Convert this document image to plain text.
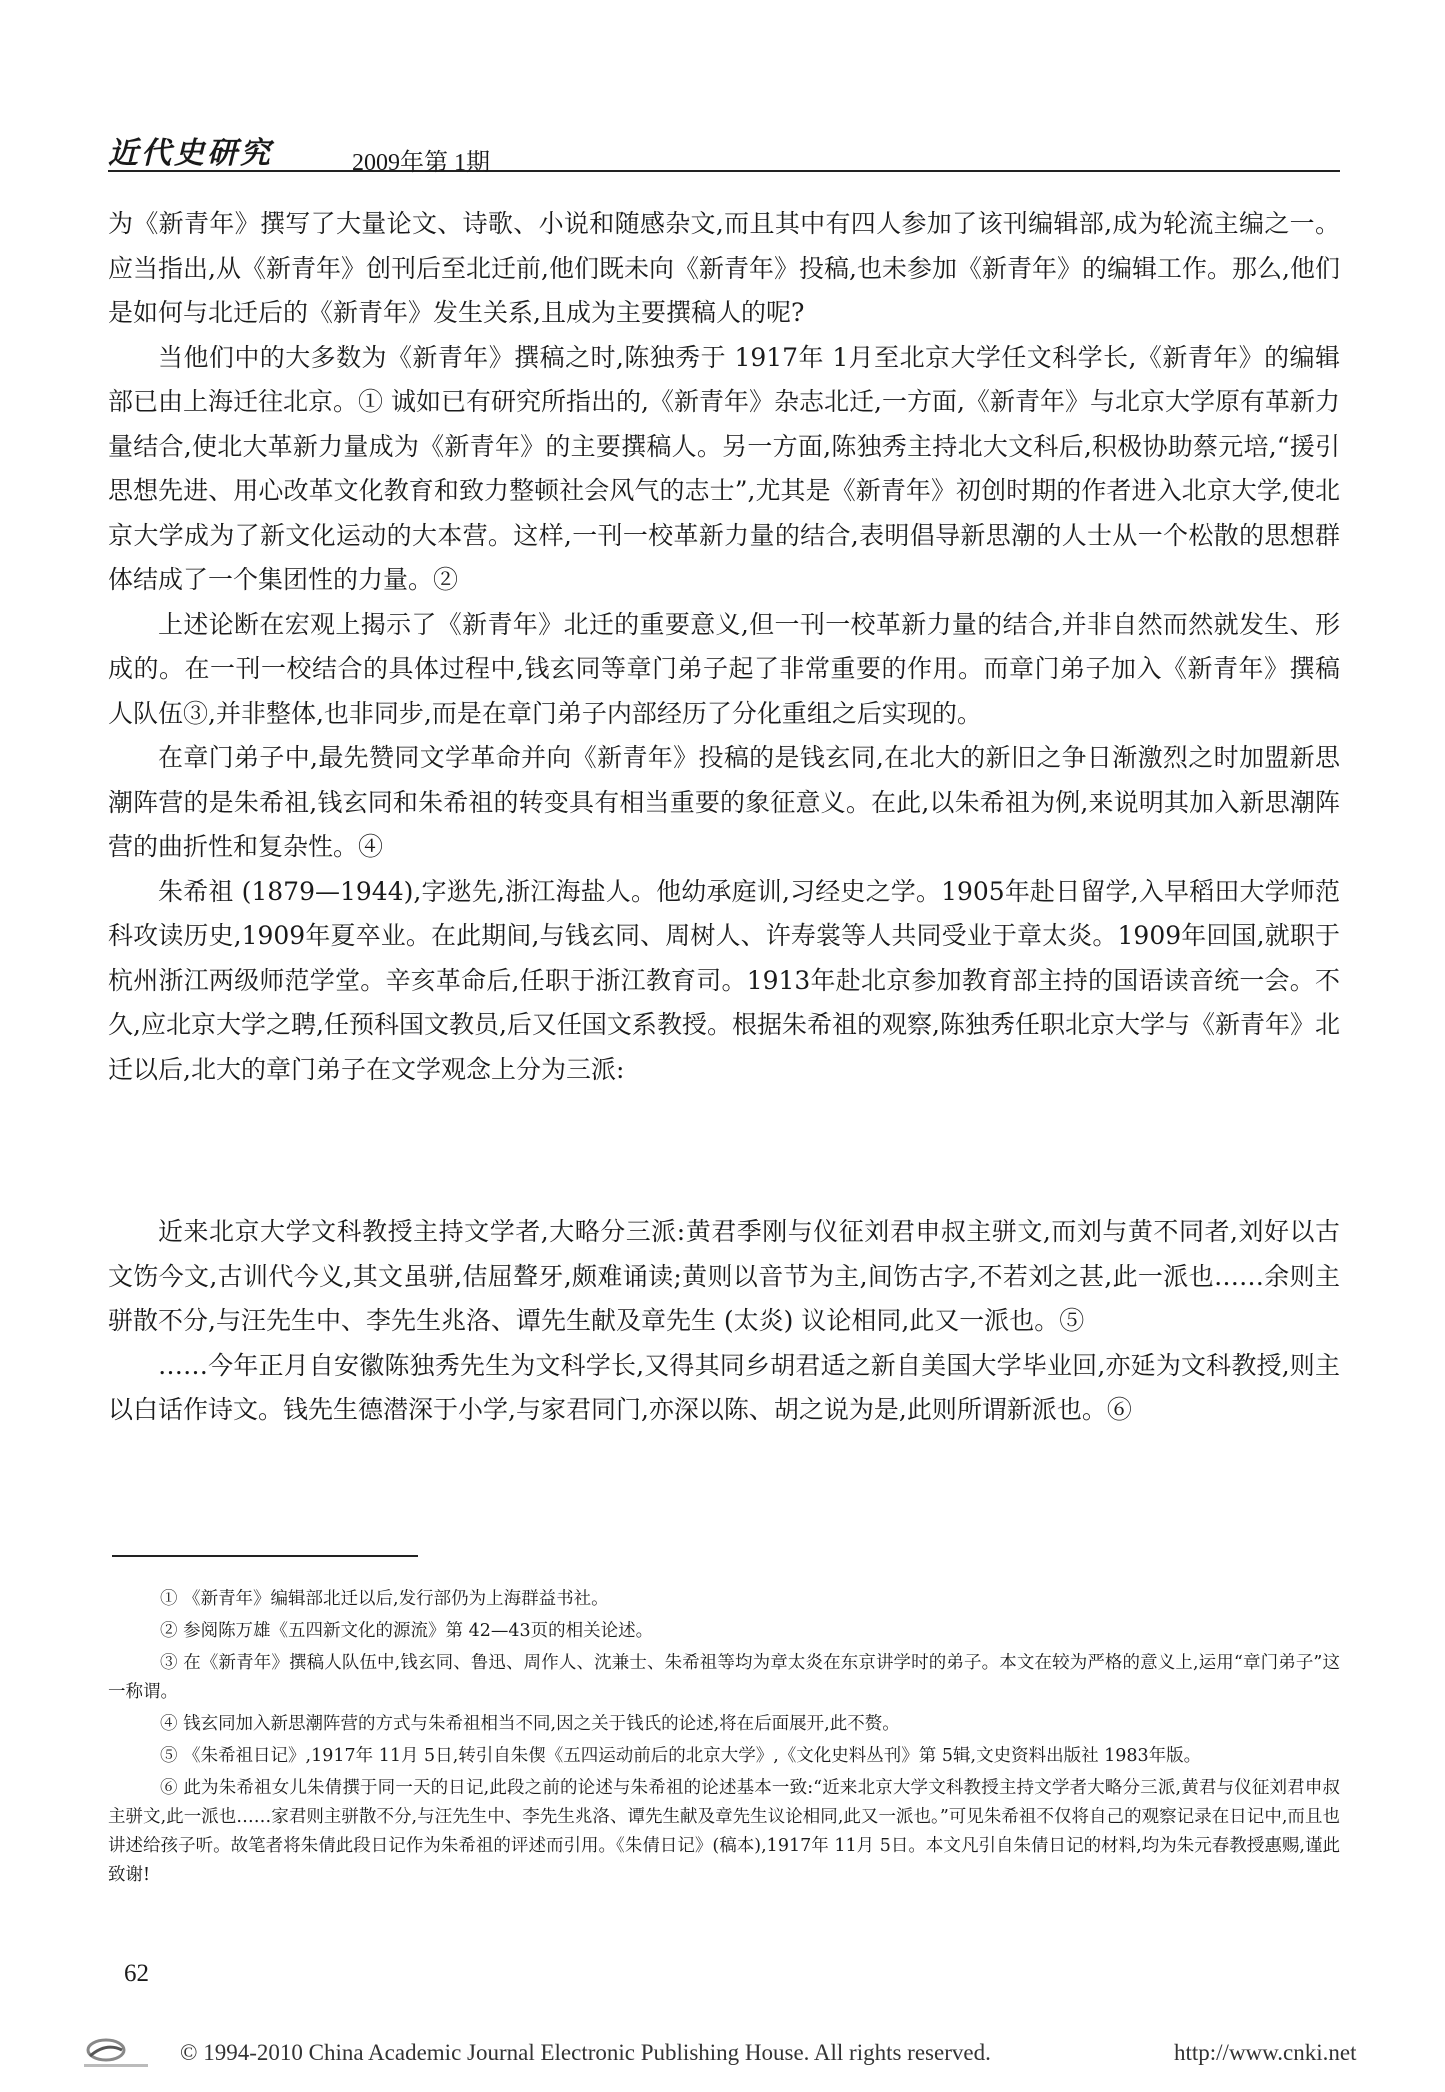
近代史研究	2009年第 1期

为《新青年》撰写了大量论文、诗歌、小说和随感杂文,而且其中有四人参加了该刊编辑部,成为轮流主编之一。应当指出,从《新青年》创刊后至北迁前,他们既未向《新青年》投稿,也未参加《新青年》的编辑工作。那么,他们是如何与北迁后的《新青年》发生关系,且成为主要撰稿人的呢?

当他们中的大多数为《新青年》撰稿之时,陈独秀于 1917年 1月至北京大学任文科学长,《新青年》的编辑部已由上海迁往北京。① 诚如已有研究所指出的,《新青年》杂志北迁,一方面,《新青年》与北京大学原有革新力量结合,使北大革新力量成为《新青年》的主要撰稿人。另一方面,陈独秀主持北大文科后,积极协助蔡元培,“援引思想先进、用心改革文化教育和致力整顿社会风气的志士”,尤其是《新青年》初创时期的作者进入北京大学,使北京大学成为了新文化运动的大本营。这样,一刊一校革新力量的结合,表明倡导新思潮的人士从一个松散的思想群体结成了一个集团性的力量。②

上述论断在宏观上揭示了《新青年》北迁的重要意义,但一刊一校革新力量的结合,并非自然而然就发生、形成的。在一刊一校结合的具体过程中,钱玄同等章门弟子起了非常重要的作用。而章门弟子加入《新青年》撰稿人队伍③,并非整体,也非同步,而是在章门弟子内部经历了分化重组之后实现的。

在章门弟子中,最先赞同文学革命并向《新青年》投稿的是钱玄同,在北大的新旧之争日渐激烈之时加盟新思潮阵营的是朱希祖,钱玄同和朱希祖的转变具有相当重要的象征意义。在此,以朱希祖为例,来说明其加入新思潮阵营的曲折性和复杂性。④

朱希祖 (1879—1944),字逖先,浙江海盐人。他幼承庭训,习经史之学。1905年赴日留学,入早稻田大学师范科攻读历史,1909年夏卒业。在此期间,与钱玄同、周树人、许寿裳等人共同受业于章太炎。1909年回国,就职于杭州浙江两级师范学堂。辛亥革命后,任职于浙江教育司。1913年赴北京参加教育部主持的国语读音统一会。不久,应北京大学之聘,任预科国文教员,后又任国文系教授。根据朱希祖的观察,陈独秀任职北京大学与《新青年》北迁以后,北大的章门弟子在文学观念上分为三派:

近来北京大学文科教授主持文学者,大略分三派:黄君季刚与仪征刘君申叔主骈文,而刘与黄不同者,刘好以古文饬今文,古训代今义,其文虽骈,佶屈聱牙,颇难诵读;黄则以音节为主,间饬古字,不若刘之甚,此一派也……余则主骈散不分,与汪先生中、李先生兆洛、谭先生献及章先生 (太炎) 议论相同,此又一派也。⑤

……今年正月自安徽陈独秀先生为文科学长,又得其同乡胡君适之新自美国大学毕业回,亦延为文科教授,则主以白话作诗文。钱先生德潜深于小学,与家君同门,亦深以陈、胡之说为是,此则所谓新派也。⑥

① 《新青年》编辑部北迁以后,发行部仍为上海群益书社。

② 参阅陈万雄《五四新文化的源流》第 42—43页的相关论述。

③ 在《新青年》撰稿人队伍中,钱玄同、鲁迅、周作人、沈兼士、朱希祖等均为章太炎在东京讲学时的弟子。本文在较为严格的意义上,运用“章门弟子”这一称谓。

④ 钱玄同加入新思潮阵营的方式与朱希祖相当不同,因之关于钱氏的论述,将在后面展开,此不赘。

⑤ 《朱希祖日记》,1917年 11月 5日,转引自朱偰《五四运动前后的北京大学》,《文化史料丛刊》第 5辑,文史资料出版社 1983年版。

⑥ 此为朱希祖女儿朱倩撰于同一天的日记,此段之前的论述与朱希祖的论述基本一致:“近来北京大学文科教授主持文学者大略分三派,黄君与仪征刘君申叔主骈文,此一派也……家君则主骈散不分,与汪先生中、李先生兆洛、谭先生献及章先生议论相同,此又一派也。”可见朱希祖不仅将自己的观察记录在日记中,而且也讲述给孩子听。故笔者将朱倩此段日记作为朱希祖的评述而引用。《朱倩日记》(稿本),1917年 11月 5日。本文凡引自朱倩日记的材料,均为朱元春教授惠赐,谨此致谢!

62
© 1994-2010 China Academic Journal Electronic Publishing House. All rights reserved.	http://www.cnki.net
